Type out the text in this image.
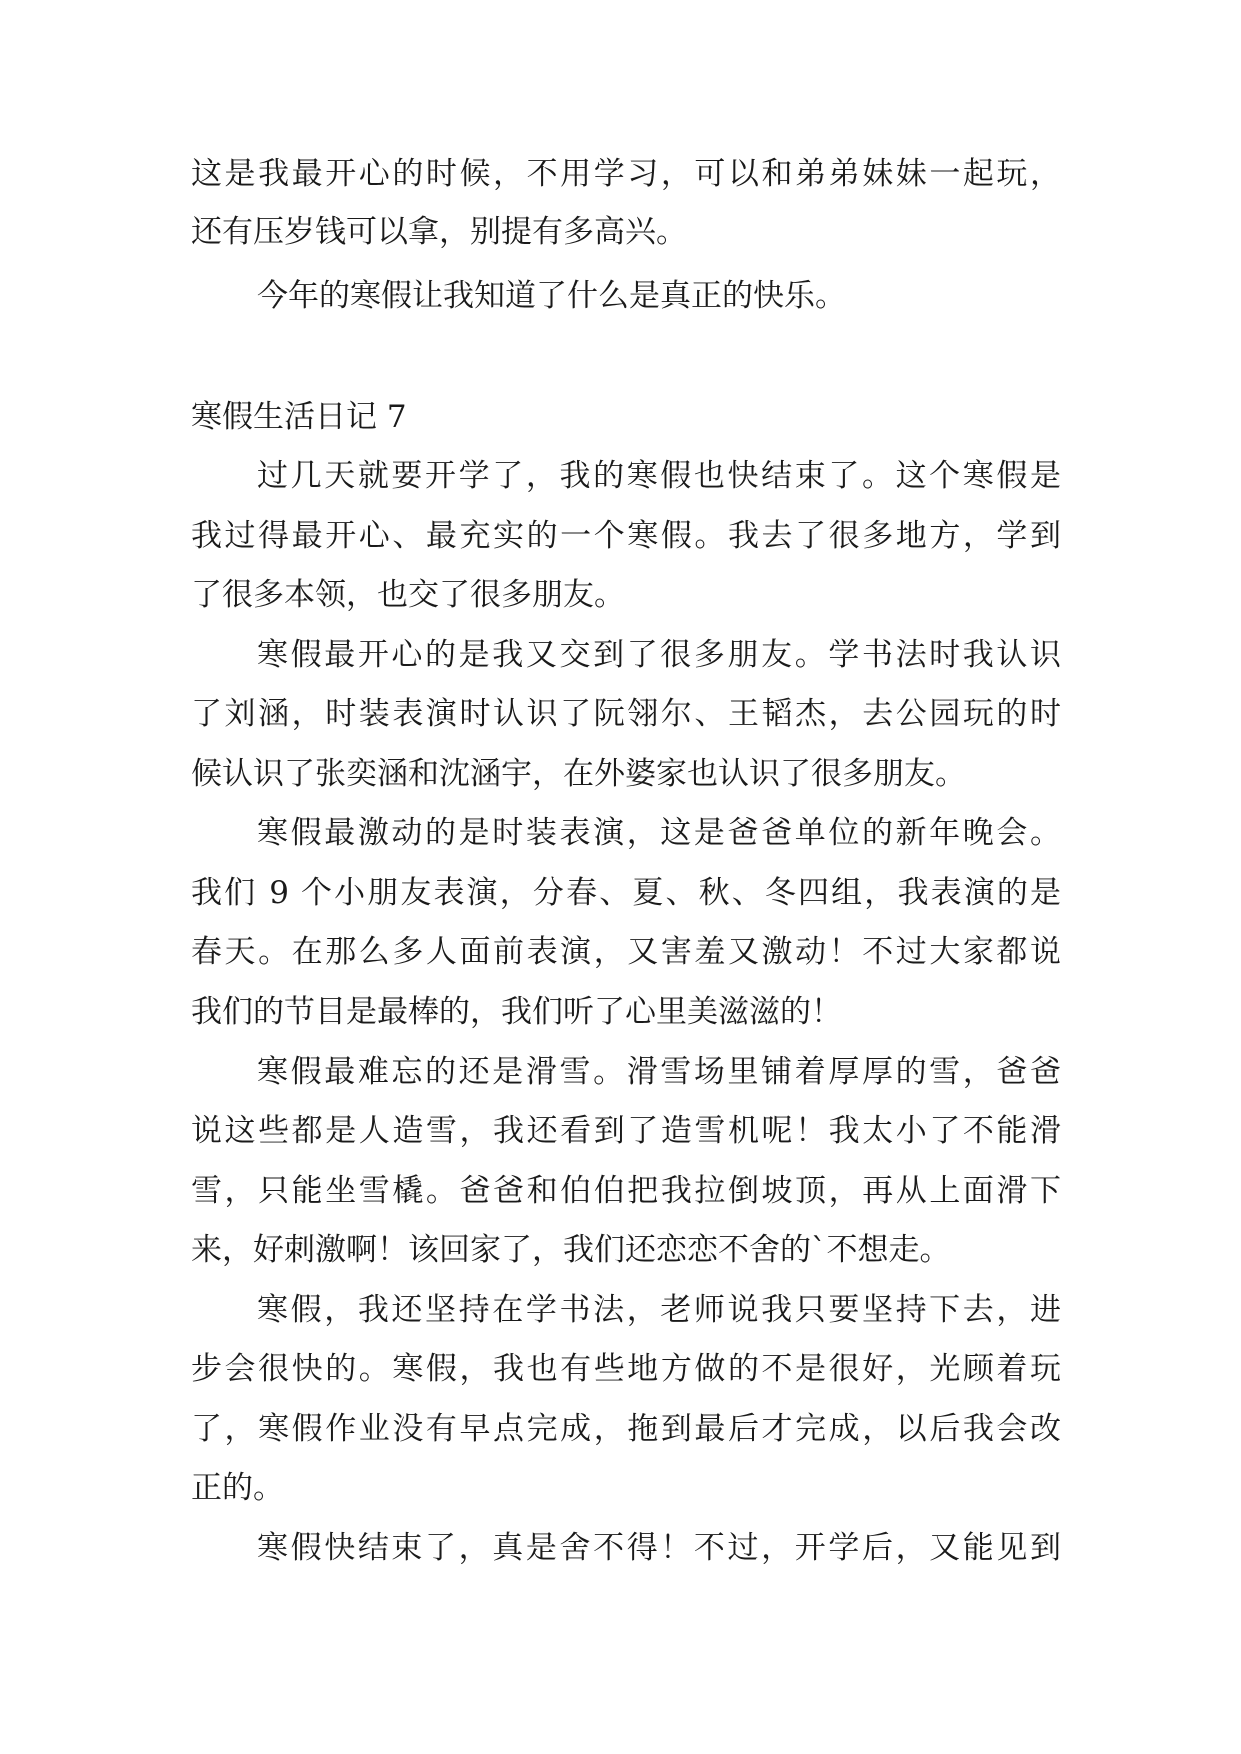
这是我最开心的时候，不用学习，可以和弟弟妹妹一起玩，
还有压岁钱可以拿，别提有多高兴。
今年的寒假让我知道了什么是真正的快乐。
寒假生活日记 7
过几天就要开学了，我的寒假也快结束了。这个寒假是
我过得最开心、最充实的一个寒假。我去了很多地方，学到
了很多本领，也交了很多朋友。
寒假最开心的是我又交到了很多朋友。学书法时我认识
了刘涵，时装表演时认识了阮翎尔、王韬杰，去公园玩的时
候认识了张奕涵和沈涵宇，在外婆家也认识了很多朋友。
寒假最激动的是时装表演，这是爸爸单位的新年晚会。
我们 9 个小朋友表演，分春、夏、秋、冬四组，我表演的是
春天。在那么多人面前表演，又害羞又激动！不过大家都说
我们的节目是最棒的，我们听了心里美滋滋的！
寒假最难忘的还是滑雪。滑雪场里铺着厚厚的雪，爸爸
说这些都是人造雪，我还看到了造雪机呢！我太小了不能滑
雪，只能坐雪橇。爸爸和伯伯把我拉倒坡顶，再从上面滑下
来，好刺激啊！该回家了，我们还恋恋不舍的`不想走。
寒假，我还坚持在学书法，老师说我只要坚持下去，进
步会很快的。寒假，我也有些地方做的不是很好，光顾着玩
了，寒假作业没有早点完成，拖到最后才完成，以后我会改
正的。
寒假快结束了，真是舍不得！不过，开学后，又能见到
